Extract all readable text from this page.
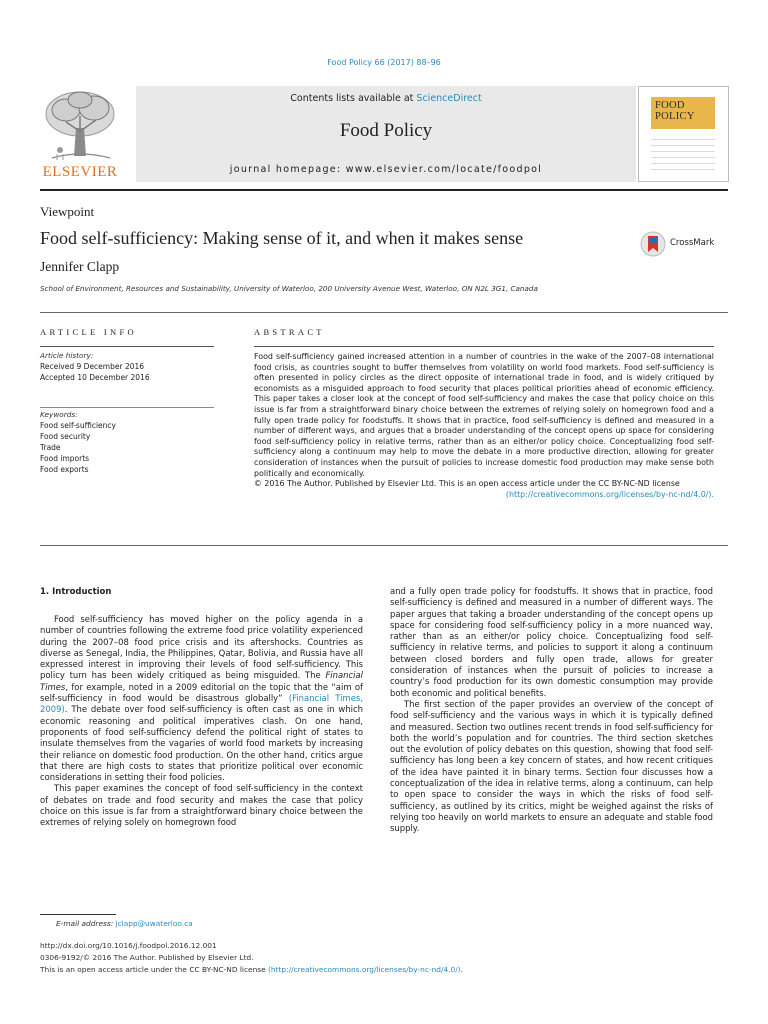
Food Policy 66 (2017) 88–96
ELSEVIER
Contents lists available at ScienceDirect
Food Policy
journal homepage: www.elsevier.com/locate/foodpol
FOOD
POLICY
Viewpoint
Food self-sufficiency: Making sense of it, and when it makes sense	CrossMark
Jennifer Clapp
School of Environment, Resources and Sustainability, University of Waterloo, 200 University Avenue West, Waterloo, ON N2L 3G1, Canada
ARTICLE INFO
Article history:
Received 9 December 2016
Accepted 10 December 2016
Keywords:
Food self-sufficiency
Food security
Trade
Food imports
Food exports
ABSTRACT

Food self-sufficiency gained increased attention in a number of countries in the wake of the 2007–08 international food crisis, as countries sought to buffer themselves from volatility on world food markets. Food self-sufficiency is often presented in policy circles as the direct opposite of international trade in food, and is widely critiqued by economists as a misguided approach to food security that places political priorities ahead of economic efficiency. This paper takes a closer look at the concept of food self-sufficiency and makes the case that policy choice on this issue is far from a straightforward binary choice between the extremes of relying solely on homegrown food and a fully open trade policy for foodstuffs. It shows that in practice, food self-sufficiency is defined and measured in a number of different ways, and argues that a broader understanding of the concept opens up space for considering food self-sufficiency policy in relative terms, rather than as an either/or policy choice. Conceptualizing food self-sufficiency along a continuum may help to move the debate in a more productive direction, allowing for greater consideration of instances when the pursuit of policies to increase domestic food production may make sense both politically and economically.

© 2016 The Author. Published by Elsevier Ltd. This is an open access article under the CC BY-NC-ND license

(http://creativecommons.org/licenses/by-nc-nd/4.0/).

1. Introduction

Food self-sufficiency has moved higher on the policy agenda in a number of countries following the extreme food price volatility experienced during the 2007–08 food price crisis and its aftershocks. Countries as diverse as Senegal, India, the Philippines, Qatar, Bolivia, and Russia have all expressed interest in improving their levels of food self-sufficiency. This policy turn has been widely critiqued as being misguided. The Financial Times, for example, noted in a 2009 editorial on the topic that the “aim of self-sufficiency in food would be disastrous globally” (Financial Times, 2009). The debate over food self-sufficiency is often cast as one in which economic reasoning and political imperatives clash. On one hand, proponents of food self-sufficiency defend the political right of states to insulate themselves from the vagaries of world food markets by increasing their reliance on domestic food production. On the other hand, critics argue that there are high costs to states that prioritize political over economic considerations in setting their food policies.

This paper examines the concept of food self-sufficiency in the context of debates on trade and food security and makes the case that policy choice on this issue is far from a straightforward binary choice between the extremes of relying solely on homegrown food

and a fully open trade policy for foodstuffs. It shows that in practice, food self-sufficiency is defined and measured in a number of different ways. The paper argues that taking a broader understanding of the concept opens up space for considering food self-sufficiency policy in a more nuanced way, rather than as an either/or policy choice. Conceptualizing food self-sufficiency in relative terms, and policies to support it along a continuum between closed borders and fully open trade, allows for greater consideration of instances when the pursuit of policies to increase a country’s food production for its own domestic consumption may provide both economic and political benefits.

The first section of the paper provides an overview of the concept of food self-sufficiency and the various ways in which it is typically defined and measured. Section two outlines recent trends in food self-sufficiency for both the world’s population and for countries. The third section sketches out the evolution of policy debates on this question, showing that food self-sufficiency has long been a key concern of states, and how recent critiques of the idea have painted it in binary terms. Section four discusses how a conceptualization of the idea in relative terms, along a continuum, can help to open space to consider the ways in which the risks of food self-sufficiency, as outlined by its critics, might be weighed against the risks of relying too heavily on world markets to ensure an adequate and stable food supply.

E-mail address: jclapp@uwaterloo.ca
http://dx.doi.org/10.1016/j.foodpol.2016.12.001
0306-9192/© 2016 The Author. Published by Elsevier Ltd.
This is an open access article under the CC BY-NC-ND license (http://creativecommons.org/licenses/by-nc-nd/4.0/).
